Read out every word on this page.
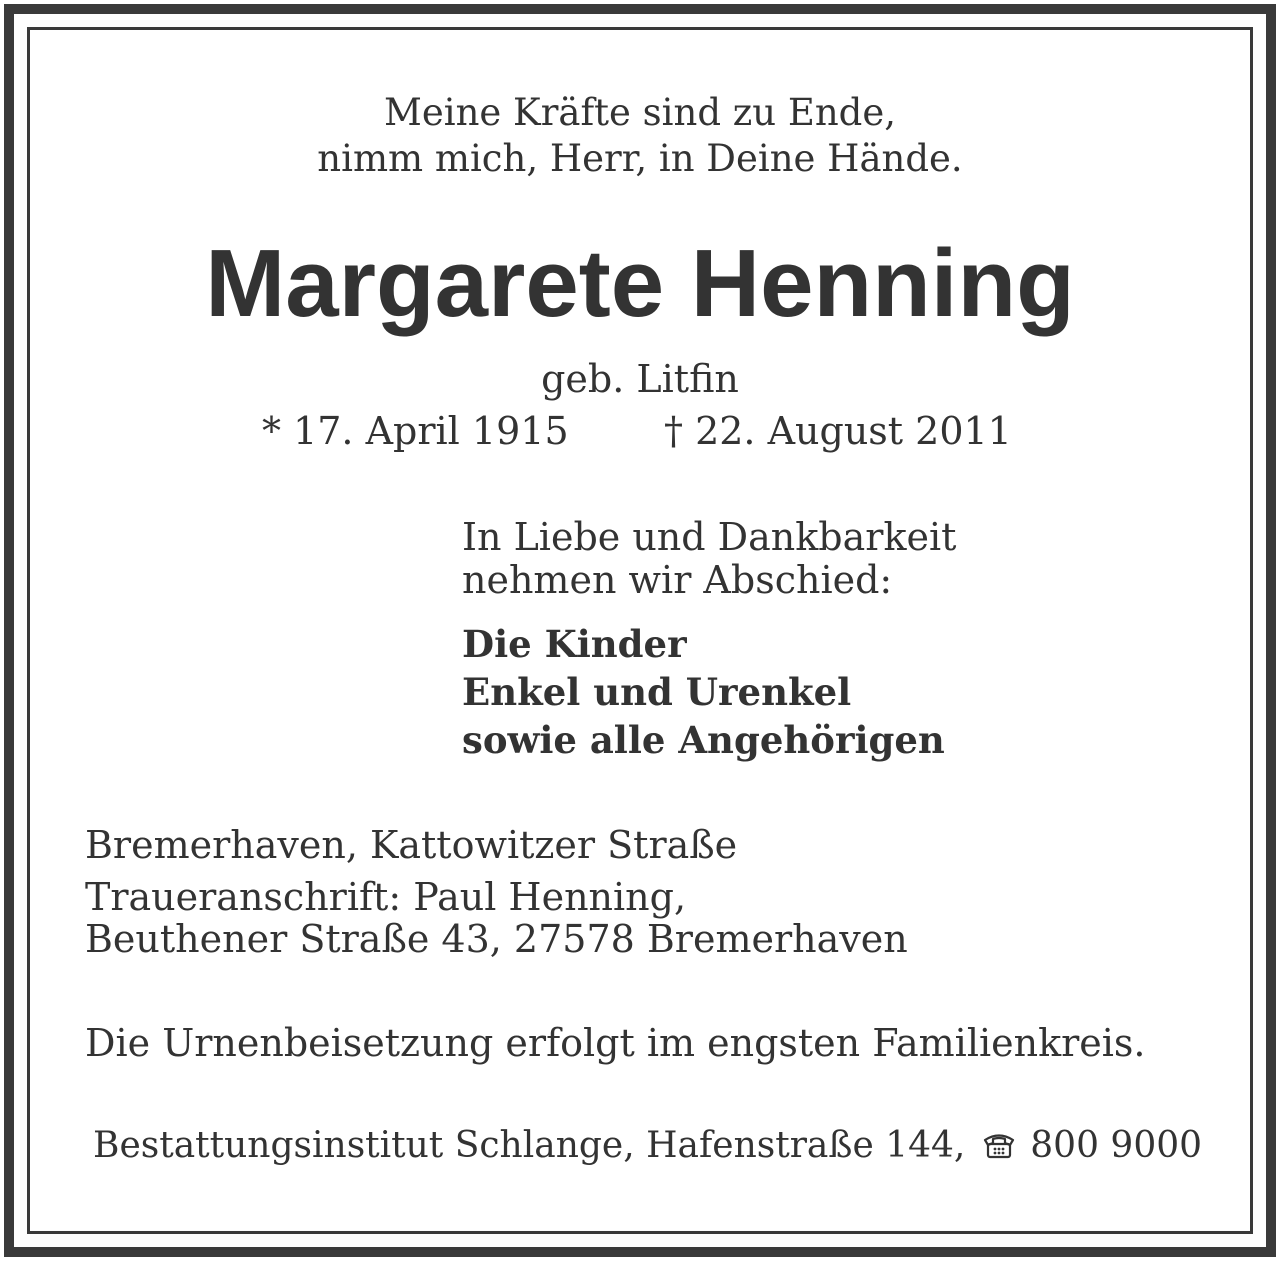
Meine Kräfte sind zu Ende,
nimm mich, Herr, in Deine Hände.
Margarete Henning
geb. Litfin
* 17. April 1915	† 22. August 2011
In Liebe und Dankbarkeit
nehmen wir Abschied:
Die Kinder
Enkel und Urenkel
sowie alle Angehörigen
Bremerhaven, Kattowitzer Straße
Traueranschrift: Paul Henning,
Beuthener Straße 43, 27578 Bremerhaven
Die Urnenbeisetzung erfolgt im engsten Familienkreis.
Bestattungsinstitut Schlange, Hafenstraße 144, 800 9000
